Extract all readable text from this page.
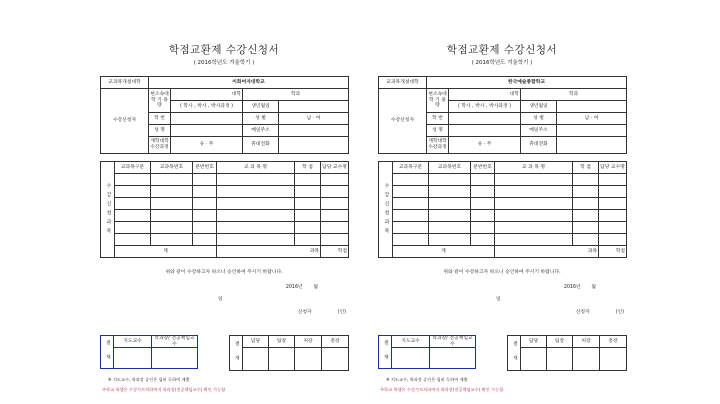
학점교환제 수강신청서
( 2016학년도 겨울학기 )
교과목개설대학	이화여자대학교			
수강신청자	현소속대학 기 용 량	대학	학과	
		( 학사 , 박사 , 박사과정 )	생년월일	
	학 번		성 별	남 · 여
	성 명		메일주소	
	재학대학 수강과정	유 · 무	휴대전화	
수강신청과목	교과목구분	교과목번호	분반번호	교 과 목 명	학 점	담당 교수명

	계			과목		학점
위와 같이 수강하고자 하오니 승인하여 주시기 바랍니다.
2016년 월
일
신청자	(인)
결 재	지도교수	학과장/ 전공책임교수
		결 재	담당	팀장	처장	총장

※ 지도교수, 학과장 승인은 필히 득하여 제출
주학교 학생은 수강가르치하여지 학과장(전공책임교수) 확인 가능함.
학점교환제 수강신청서
( 2016학년도 겨울학기 )
교과목개설대학	한국예술종합학교			
수강신청자	현소속대학 기 용 량	대학	학과	
		( 학사 , 박사 , 박사과정 )	생년월일	
	학 번		성 별	남 · 여
	성 명		메일주소	
	재학대학 수강과정	유 · 무	휴대전화	
수강신청과목	교과목구분	교과목번호	분반번호	교 과 목 명	학 점	담당 교수명

	계			과목		학점
위와 같이 수강하고자 하오니 승인하여 주시기 바랍니다.
2016년 월
일
신청자	(인)
결 재	지도교수	학과장/ 전공책임교수
		결 재	담당	팀장	처장	총장

※ 지도교수, 학과장 승인은 필히 득하여 제출
주학교 학생은 수강가르치하여지 학과장(전공책임교수) 확인 가능함.
